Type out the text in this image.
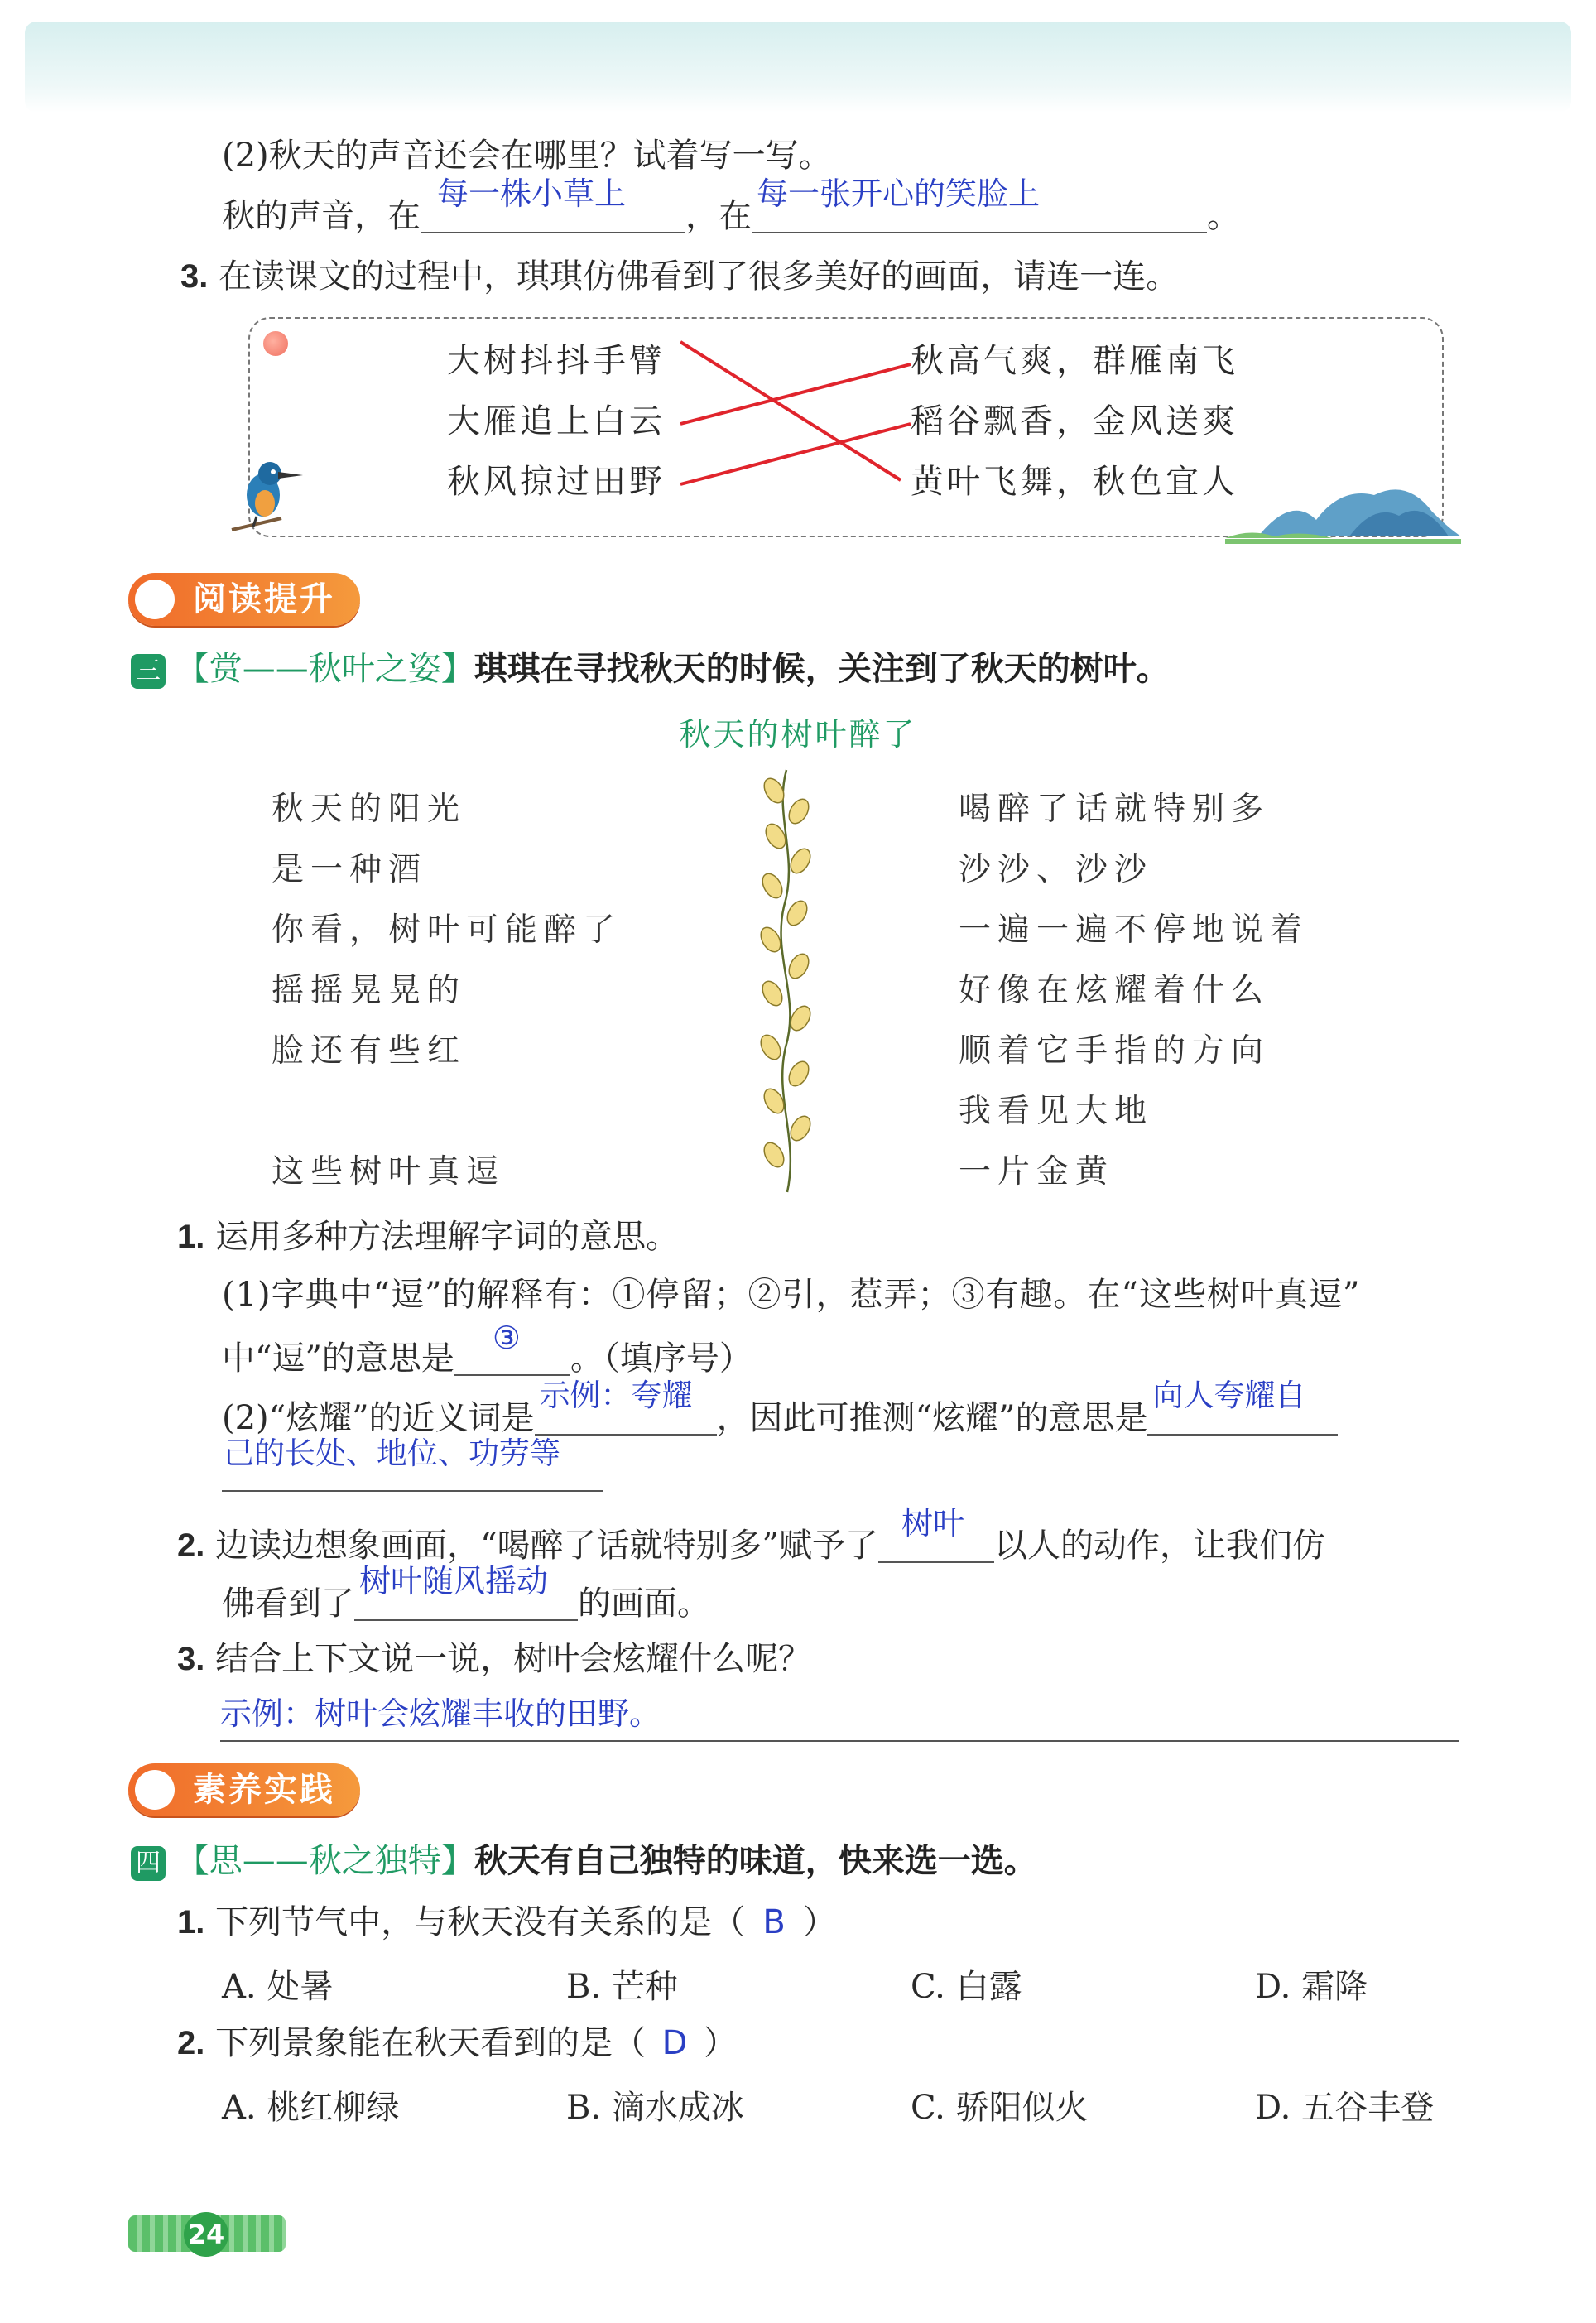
(2)秋天的声音还会在哪里？试着写一写。
秋的声音，在
每一株小草上
，在
每一张开心的笑脸上
。
3. 在读课文的过程中，琪琪仿佛看到了很多美好的画面，请连一连。
大树抖抖手臂
大雁追上白云
秋风掠过田野
秋高气爽，群雁南飞
稻谷飘香，金风送爽
黄叶飞舞，秋色宜人
阅读提升
三 【赏——秋叶之姿】琪琪在寻找秋天的时候，关注到了秋天的树叶。
秋天的树叶醉了
秋天的阳光
是一种酒
你看，树叶可能醉了
摇摇晃晃的
脸还有些红
这些树叶真逗
喝醉了话就特别多
沙沙、沙沙
一遍一遍不停地说着
好像在炫耀着什么
顺着它手指的方向
我看见大地
一片金黄
1. 运用多种方法理解字词的意思。
(1)字典中“逗”的解释有：①停留；②引，惹弄；③有趣。在“这些树叶真逗”
中“逗”的意思是
③
。（填序号）
(2)“炫耀”的近义词是
示例：夸耀
，因此可推测“炫耀”的意思是
向人夸耀自
己的长处、地位、功劳等
2. 边读边想象画面，“喝醉了话就特别多”赋予了
树叶
以人的动作，让我们仿
佛看到了
树叶随风摇动
的画面。
3. 结合上下文说一说，树叶会炫耀什么呢？
示例：树叶会炫耀丰收的田野。
素养实践
四 【思——秋之独特】秋天有自己独特的味道，快来选一选。
1. 下列节气中，与秋天没有关系的是（ B ）
A. 处暑	B. 芒种	C. 白露	D. 霜降
2. 下列景象能在秋天看到的是（ D ）
A. 桃红柳绿	B. 滴水成冰	C. 骄阳似火	D. 五谷丰登
24
